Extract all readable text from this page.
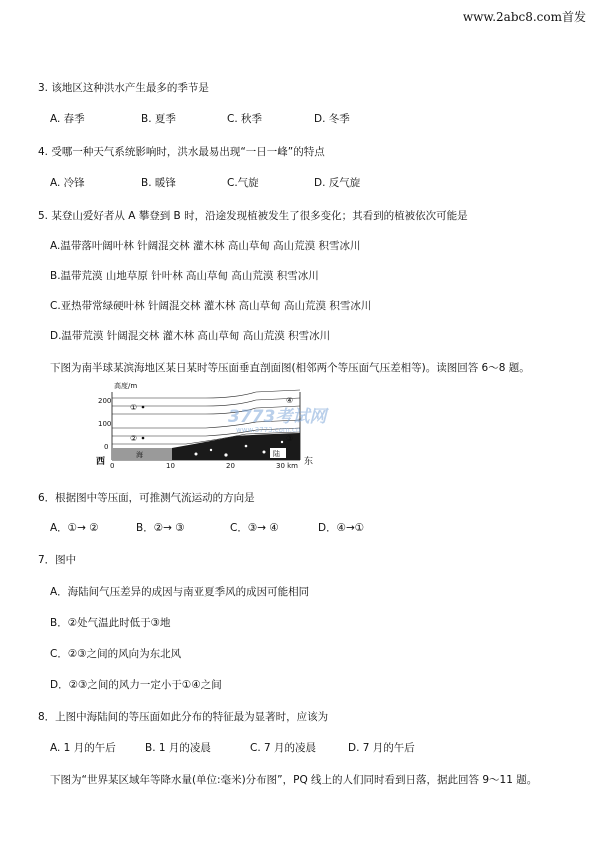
www.2abc8.com首发
3. 该地区这种洪水产生最多的季节是
A. 春季	B. 夏季	C. 秋季	D. 冬季
4. 受哪一种天气系统影响时，洪水最易出现“一日一峰”的特点
A. 冷锋	B. 暖锋	C.气旋	D. 反气旋
5. 某登山爱好者从 A 攀登到 B 时，沿途发现植被发生了很多变化；其看到的植被依次可能是
A.温带落叶阔叶林 针阔混交林 灌木林 高山草甸 高山荒漠 积雪冰川
B.温带荒漠 山地草原 针叶林 高山草甸 高山荒漠 积雪冰川
C.亚热带常绿硬叶林 针阔混交林 灌木林 高山草甸 高山荒漠 积雪冰川
D.温带荒漠 针阔混交林 灌木林 高山草甸 高山荒漠 积雪冰川
下图为南半球某滨海地区某日某时等压面垂直剖面图(相邻两个等压面气压差相等)。读图回答 6～8 题。
高度/m
200
100
0
海	陆
①
②	③
④
0	10	20	30 km
西	东
3773考试网
www.3773.com.cn
6．根据图中等压面，可推测气流运动的方向是
A．①→ ②	B．②→ ③	C．③→ ④	D．④→①
7．图中
A．海陆间气压差异的成因与南亚夏季风的成因可能相同
B．②处气温此时低于③地
C．②③之间的风向为东北风
D．②③之间的风力一定小于①④之间
8．上图中海陆间的等压面如此分布的特征最为显著时，应该为
A. 1 月的午后	B. 1 月的凌晨	C. 7 月的凌晨	D. 7 月的午后
下图为“世界某区域年等降水量(单位:毫米)分布图”，PQ 线上的人们同时看到日落，据此回答 9～11 题。
